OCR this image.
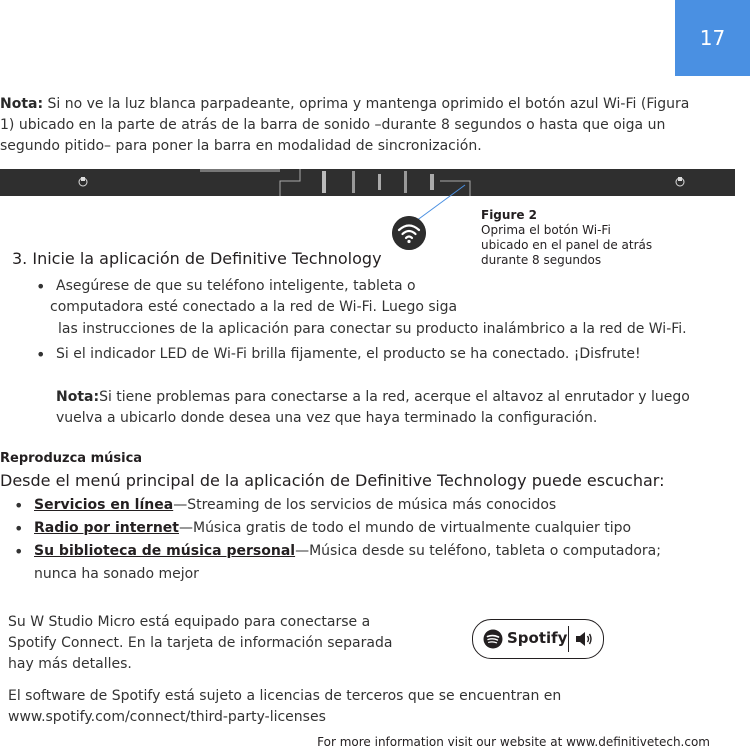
17
Nota: Si no ve la luz blanca parpadeante, oprima y mantenga oprimido el botón azul Wi-Fi (Figura 1) ubicado en la parte de atrás de la barra de sonido –durante 8 segundos o hasta que oiga un segundo pitido– para poner la barra en modalidad de sincronización.
Figure 2
Oprima el botón Wi-Fi
ubicado en el panel de atrás
durante 8 segundos
3. Inicie la aplicación de Definitive Technology
• Asegúrese de que su teléfono inteligente, tableta o
computadora esté conectado a la red de Wi-Fi. Luego siga
las instrucciones de la aplicación para conectar su producto inalámbrico a la red de Wi-Fi.
• Si el indicador LED de Wi-Fi brilla fijamente, el producto se ha conectado. ¡Disfrute!
Nota:Si tiene problemas para conectarse a la red, acerque el altavoz al enrutador y luego
vuelva a ubicarlo donde desea una vez que haya terminado la configuración.
Reproduzca música
Desde el menú principal de la aplicación de Definitive Technology puede escuchar:
• Servicios en línea—Streaming de los servicios de música más conocidos
• Radio por internet—Música gratis de todo el mundo de virtualmente cualquier tipo
• Su biblioteca de música personal—Música desde su teléfono, tableta o computadora;
nunca ha sonado mejor
Su W Studio Micro está equipado para conectarse a
Spotify Connect. En la tarjeta de información separada
hay más detalles.
Spotify
El software de Spotify está sujeto a licencias de terceros que se encuentran en
www.spotify.com/connect/third-party-licenses
For more information visit our website at www.definitivetech.com
